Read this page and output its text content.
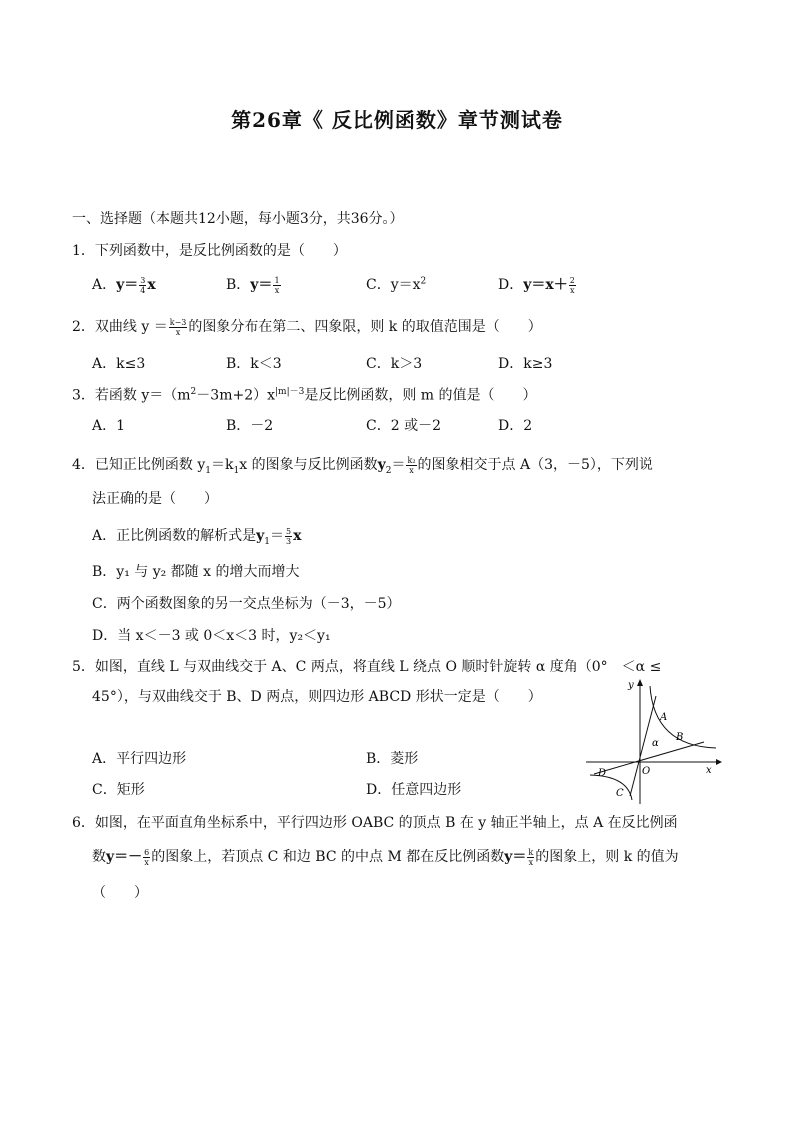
第26章《 反比例函数》章节测试卷
一、选择题（本题共12小题，每小题3分，共36分。）
1．下列函数中，是反比例函数的是（　　）
A．$y= \frac{3}{4}$ x	B．$y= \frac{1}{x}$	C．$y=x^2$	D．$y=x+ \frac{2}{x}$
2．双曲线 $y = \frac{k-3}{x}$ 的图象分布在第二、四象限，则 k 的取值范围是（　　）
A．k≤3	B．k＜3	C．k＞3	D．k≥3
3．若函数 $y=(m^2-3m+2)x^{|m|-3}$是反比例函数，则 m 的值是（　　）
A．1	B．－2	C．2 或－2	D．2
4．已知正比例函数 $y_1=k_1x$ 的图象与反比例函数$y_2= \frac{\text{k₂}}{x}$ 的图象相交于点 A（3，－5），下列说
法正确的是（　　）
A．正比例函数的解析式是$y_1= \frac{5}{3}$ x
B．y₁ 与 y₂ 都随 x 的增大而增大
C．两个函数图象的另一交点坐标为（－3，－5）
D．当 x＜－3 或 0＜x＜3 时，y₂＜y₁
5．如图，直线 L 与双曲线交于 A、C 两点，将直线 L 绕点 O 顺时针旋转 α 度角（0°　＜α ≤
45°），与双曲线交于 B、D 两点，则四边形 ABCD 形状一定是（　　）
A．平行四边形	B．菱形
C．矩形	D．任意四边形
y
x
O
A
B
C
D
α
6．如图，在平面直角坐标系中，平行四边形 OABC 的顶点 B 在 y 轴正半轴上，点 A 在反比例函
数$y=- \frac{6}{x}$ 的图象上，若顶点 C 和边 BC 的中点 M 都在反比例函数$y= \frac{k}{x}$ 的图象上，则 k 的值为
（　　）
